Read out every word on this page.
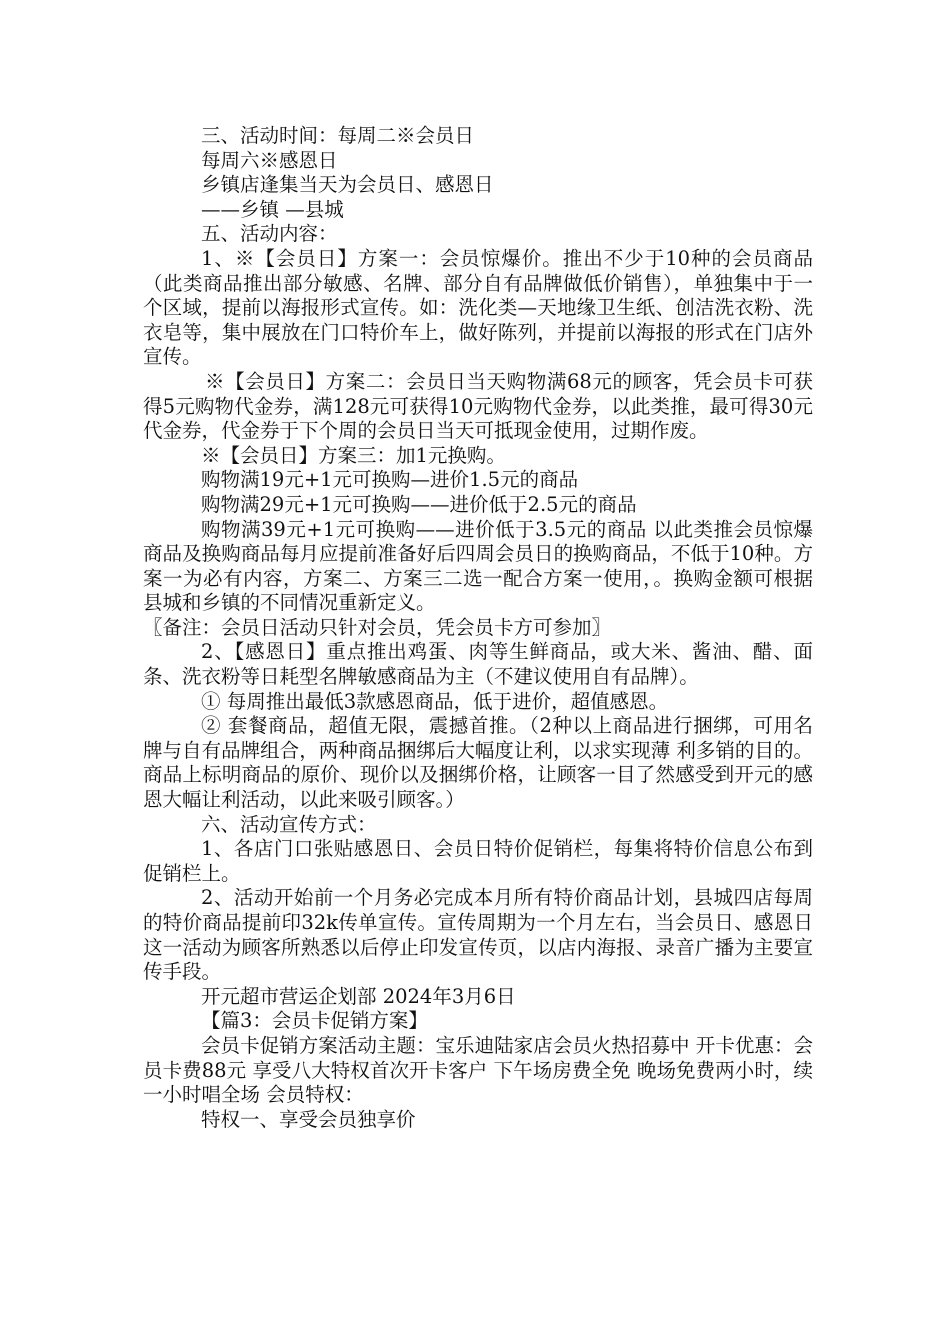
三、活动时间：每周二※会员日

每周六※感恩日

乡镇店逢集当天为会员日、感恩日

——乡镇 —县城

五、活动内容：

1、※【会员日】方案一：会员惊爆价。推出不少于10种的会员商品（此类商品推出部分敏感、名牌、部分自有品牌做低价销售），单独集中于一个区域，提前以海报形式宣传。如：洗化类—天地缘卫生纸、创洁洗衣粉、洗衣皂等，集中展放在门口特价车上，做好陈列，并提前以海报的形式在门店外宣传。

※【会员日】方案二：会员日当天购物满68元的顾客，凭会员卡可获得5元购物代金券，满128元可获得10元购物代金券，以此类推，最可得30元代金券，代金券于下个周的会员日当天可抵现金使用，过期作废。

※【会员日】方案三：加1元换购。

购物满19元+1元可换购—进价1.5元的商品

购物满29元+1元可换购——进价低于2.5元的商品

购物满39元+1元可换购——进价低于3.5元的商品 以此类推会员惊爆商品及换购商品每月应提前准备好后四周会员日的换购商品，不低于10种。方案一为必有内容，方案二、方案三二选一配合方案一使用，。换购金额可根据县城和乡镇的不同情况重新定义。

〖备注：会员日活动只针对会员，凭会员卡方可参加〗

2、【感恩日】重点推出鸡蛋、肉等生鲜商品，或大米、酱油、醋、面条、洗衣粉等日耗型名牌敏感商品为主（不建议使用自有品牌）。

① 每周推出最低3款感恩商品，低于进价，超值感恩。

② 套餐商品，超值无限，震撼首推。（2种以上商品进行捆绑，可用名牌与自有品牌组合，两种商品捆绑后大幅度让利，以求实现薄 利多销的目的。商品上标明商品的原价、现价以及捆绑价格，让顾客一目了然感受到开元的感恩大幅让利活动，以此来吸引顾客。）

六、活动宣传方式：

1、各店门口张贴感恩日、会员日特价促销栏，每集将特价信息公布到促销栏上。

2、活动开始前一个月务必完成本月所有特价商品计划，县城四店每周的特价商品提前印32k传单宣传。宣传周期为一个月左右，当会员日、感恩日这一活动为顾客所熟悉以后停止印发宣传页，以店内海报、录音广播为主要宣传手段。

开元超市营运企划部 2024年3月6日

【篇3：会员卡促销方案】

会员卡促销方案活动主题：宝乐迪陆家店会员火热招募中 开卡优惠：会员卡费88元 享受八大特权首次开卡客户 下午场房费全免 晚场免费两小时，续一小时唱全场 会员特权：

特权一、享受会员独享价
